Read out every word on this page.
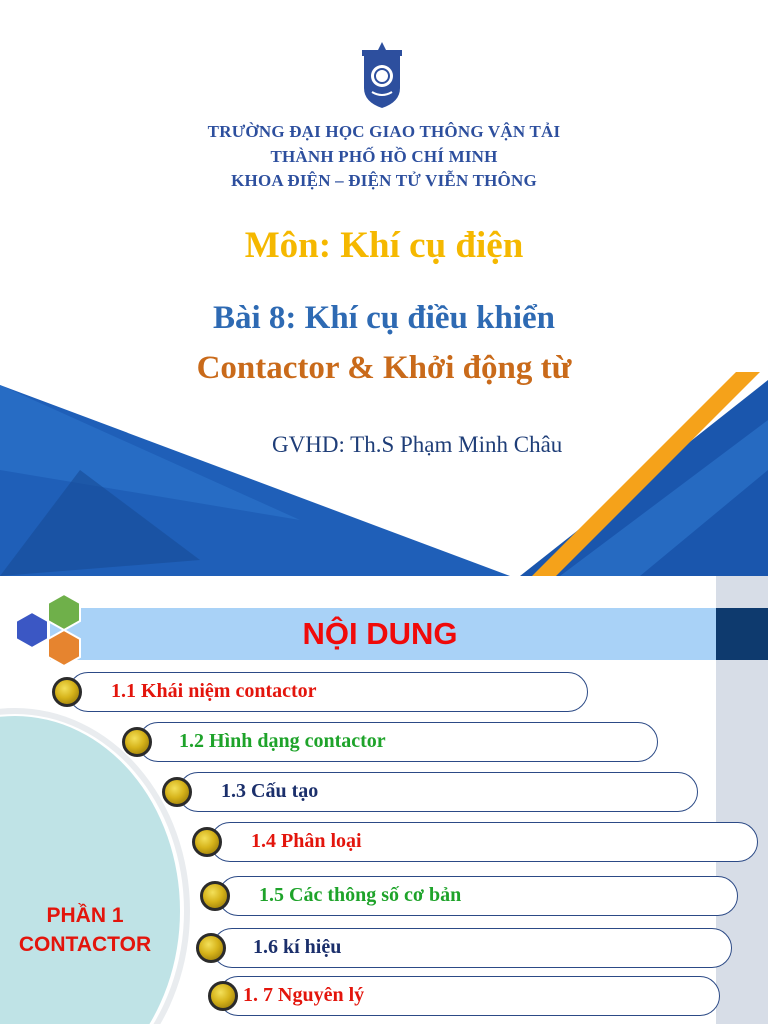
TRƯỜNG ĐẠI HỌC GIAO THÔNG VẬN TẢI
THÀNH PHỐ HỒ CHÍ MINH
KHOA ĐIỆN – ĐIỆN TỬ VIỄN THÔNG
Môn: Khí cụ điện
Bài 8: Khí cụ điều khiển
Contactor & Khởi động từ
GVHD: Th.S Phạm Minh Châu
NỘI DUNG
PHẦN 1
CONTACTOR
1.1 Khái niệm contactor
1.2 Hình dạng contactor
1.3 Cấu tạo
1.4 Phân loại
1.5 Các thông số cơ bản
1.6 kí hiệu
1. 7 Nguyên lý
